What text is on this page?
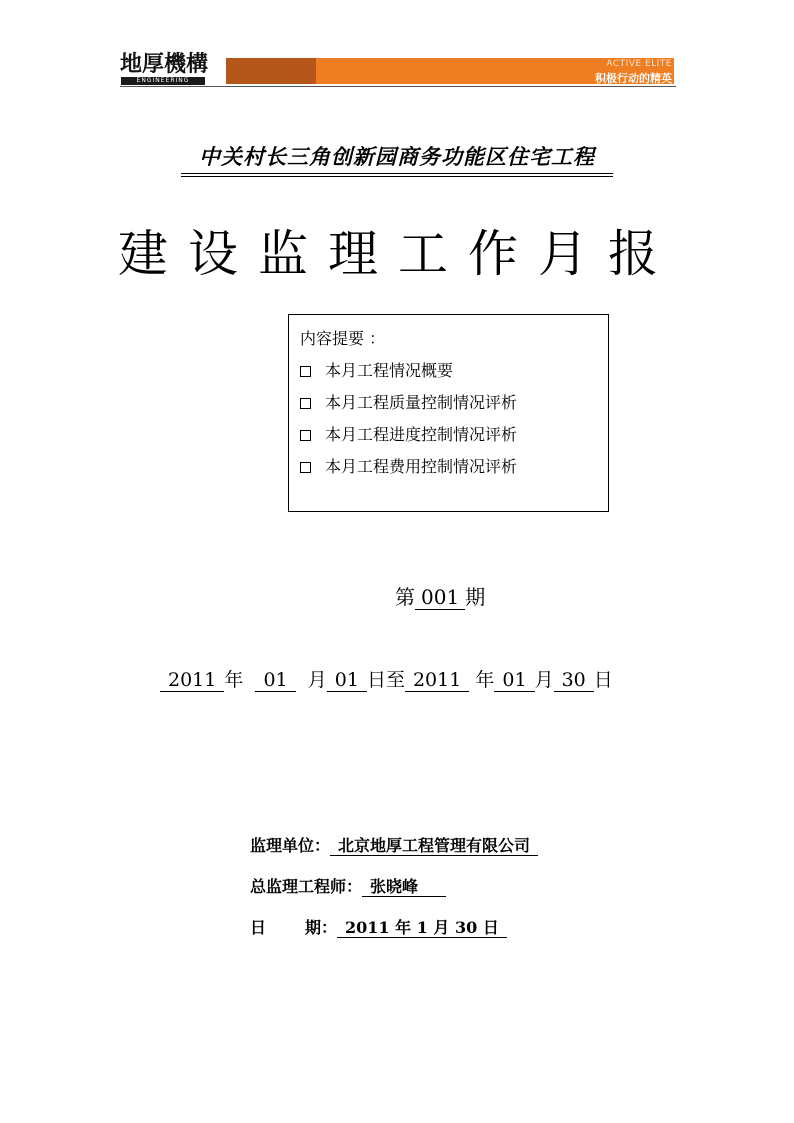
地厚機構
ENGINEERING
ACTIVE ELITE
积极行动的精英
中关村长三角创新园商务功能区住宅工程
建设监理工作月报
内容提要 ：
本月工程情况概要
本月工程质量控制情况评析
本月工程进度控制情况评析
本月工程费用控制情况评析
第 001 期
2011 年 01 月 01 日至 2011 年 01 月 30 日
监理单位： 北京地厚工程管理有限公司
总监理工程师： 张晓峰
日 期： 2011 年 1 月 30 日
